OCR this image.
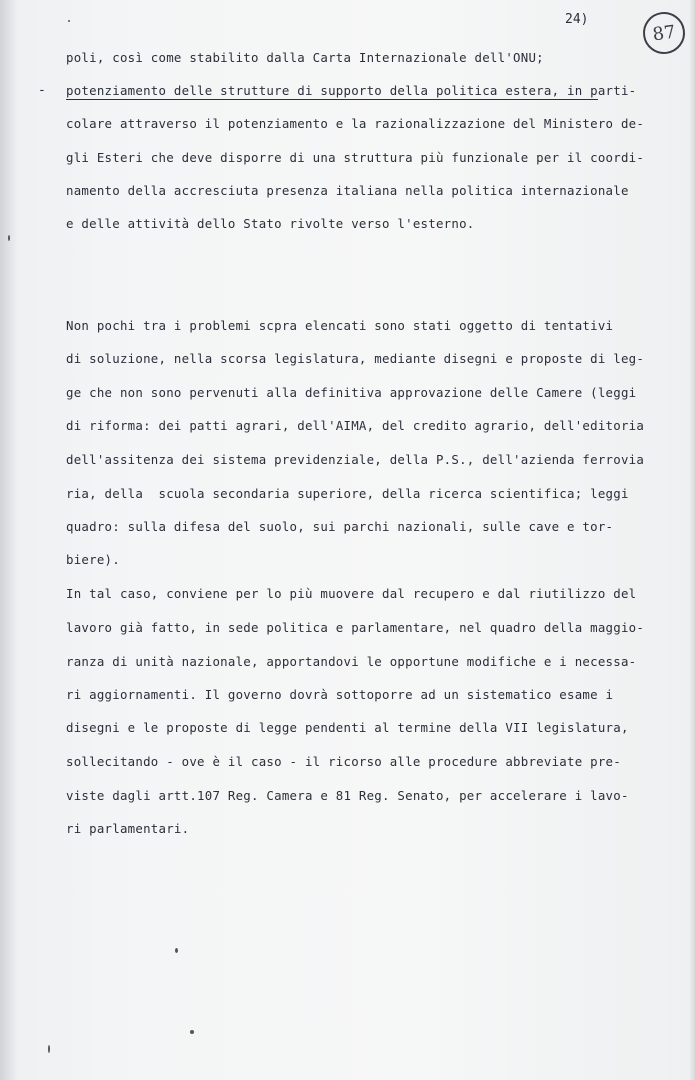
24)
87
-
poli, così come stabilito dalla Carta Internazionale dell'ONU;
potenziamento delle strutture di supporto della politica estera, in parti-
colare attraverso il potenziamento e la razionalizzazione del Ministero de-
gli Esteri che deve disporre di una struttura più funzionale per il coordi-
namento della accresciuta presenza italiana nella politica internazionale
e delle attività dello Stato rivolte verso l'esterno.
Non pochi tra i problemi scpra elencati sono stati oggetto di tentativi
di soluzione, nella scorsa legislatura, mediante disegni e proposte di leg-
ge che non sono pervenuti alla definitiva approvazione delle Camere (leggi
di riforma: dei patti agrari, dell'AIMA, del credito agrario, dell'editoria
dell'assitenza dei sistema previdenziale, della P.S., dell'azienda ferrovia
ria, della  scuola secondaria superiore, della ricerca scientifica; leggi
quadro: sulla difesa del suolo, sui parchi nazionali, sulle cave e tor-
biere).
In tal caso, conviene per lo più muovere dal recupero e dal riutilizzo del
lavoro già fatto, in sede politica e parlamentare, nel quadro della maggio-
ranza di unità nazionale, apportandovi le opportune modifiche e i necessa-
ri aggiornamenti. Il governo dovrà sottoporre ad un sistematico esame i
disegni e le proposte di legge pendenti al termine della VII legislatura,
sollecitando - ove è il caso - il ricorso alle procedure abbreviate pre-
viste dagli artt.107 Reg. Camera e 81 Reg. Senato, per accelerare i lavo-
ri parlamentari.
